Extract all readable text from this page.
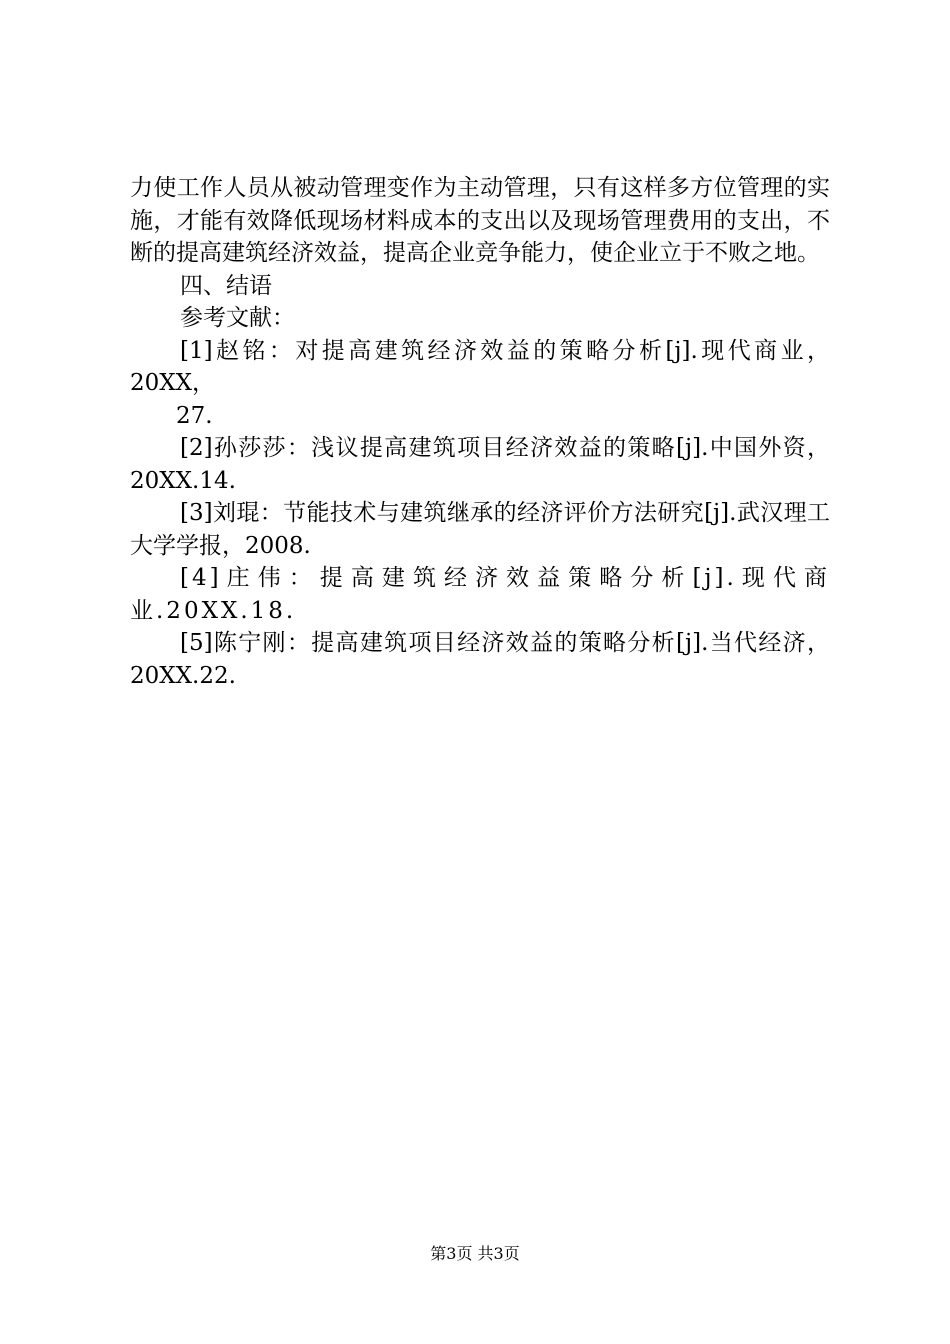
力使工作人员从被动管理变作为主动管理，只有这样多方位管理的实施，才能有效降低现场材料成本的支出以及现场管理费用的支出，不断的提高建筑经济效益，提高企业竞争能力，使企业立于不败之地。

四、结语

参考文献：

[1]赵铭：对提高建筑经济效益的策略分析[j].现代商业，20XX，

27.

[2]孙莎莎：浅议提高建筑项目经济效益的策略[j].中国外资，20XX.14.

[3]刘琨：节能技术与建筑继承的经济评价方法研究[j].武汉理工大学学报，2008.

[4]庄伟：提高建筑经济效益策略分析[j].现代商业.20XX.18.

[5]陈宁刚：提高建筑项目经济效益的策略分析[j].当代经济，20XX.22.

第3页 共3页
